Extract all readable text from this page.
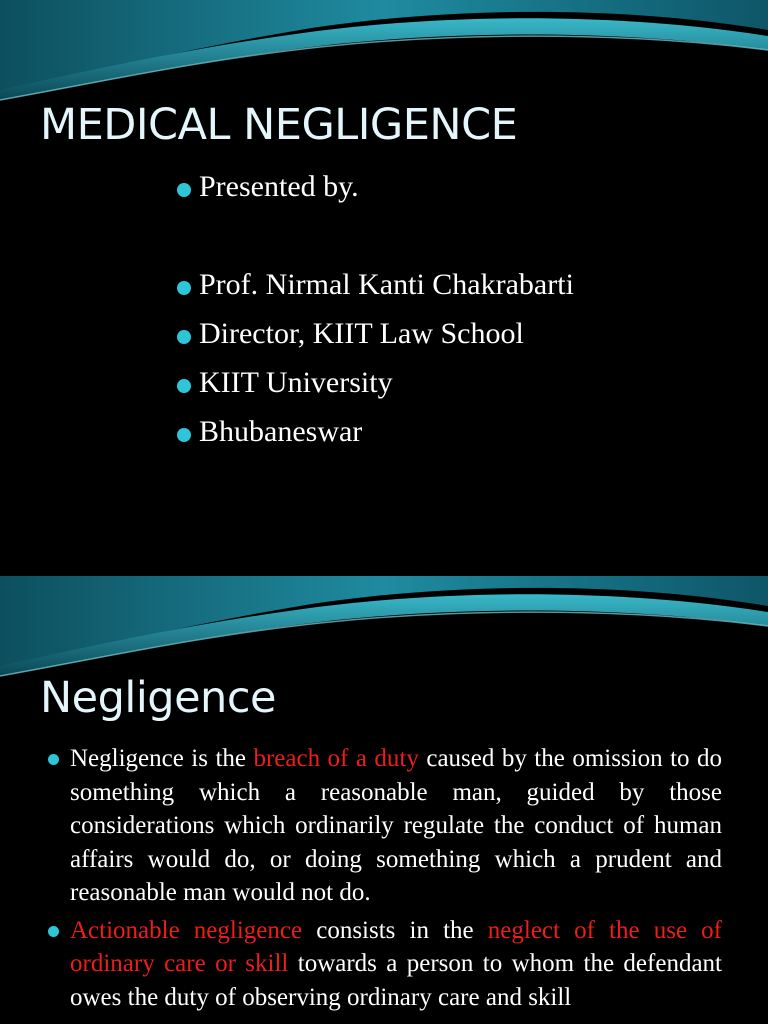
MEDICAL NEGLIGENCE
Presented by.
Prof. Nirmal Kanti Chakrabarti
Director, KIIT Law School
KIIT University
Bhubaneswar
Negligence
Negligence is the breach of a duty caused by the omission to do something which a reasonable man, guided by those considerations which ordinarily regulate the conduct of human affairs would do, or doing something which a prudent and reasonable man would not do.
Actionable negligence consists in the neglect of the use of ordinary care or skill towards a person to whom the defendant owes the duty of observing ordinary care and skill
